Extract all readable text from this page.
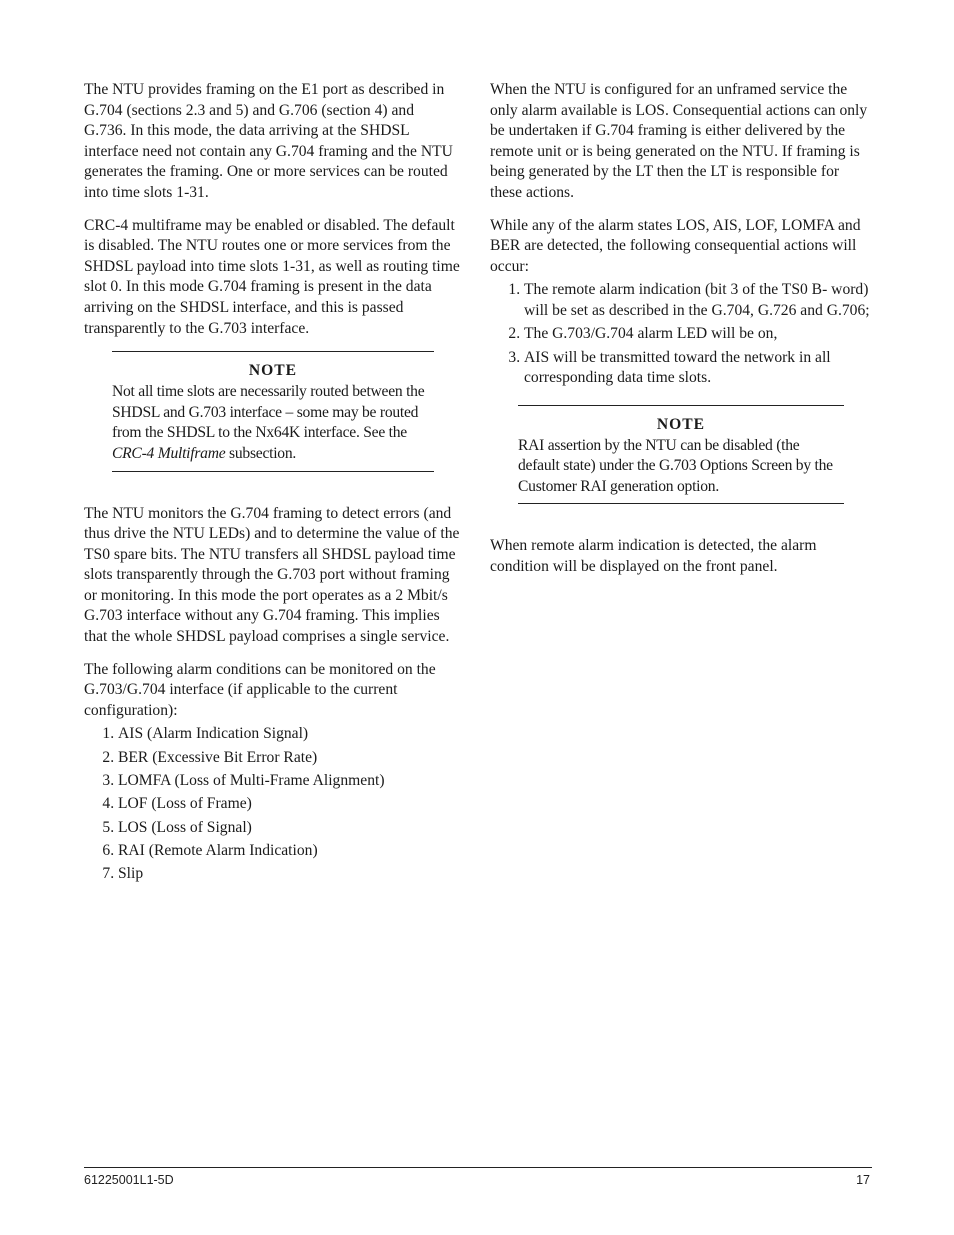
The NTU provides framing on the E1 port as described in G.704 (sections 2.3 and 5) and G.706 (section 4) and G.736. In this mode, the data arriving at the SHDSL interface need not contain any G.704 framing and the NTU generates the framing. One or more services can be routed into time slots 1-31.

CRC-4 multiframe may be enabled or disabled. The default is disabled. The NTU routes one or more services from the SHDSL payload into time slots 1-31, as well as routing time slot 0. In this mode G.704 framing is present in the data arriving on the SHDSL interface, and this is passed transparently to the G.703 interface.

NOTE
Not all time slots are necessarily routed between the SHDSL and G.703 interface – some may be routed from the SHDSL to the Nx64K interface. See the CRC-4 Multiframe subsection.

The NTU monitors the G.704 framing to detect errors (and thus drive the NTU LEDs) and to determine the value of the TS0 spare bits. The NTU transfers all SHDSL payload time slots transparently through the G.703 port without framing or monitoring. In this mode the port operates as a 2 Mbit/s G.703 interface without any G.704 framing. This implies that the whole SHDSL payload comprises a single service.

The following alarm conditions can be monitored on the G.703/G.704 interface (if applicable to the current configuration):

1. AIS (Alarm Indication Signal)
2. BER (Excessive Bit Error Rate)
3. LOMFA (Loss of Multi-Frame Alignment)
4. LOF (Loss of Frame)
5. LOS (Loss of Signal)
6. RAI (Remote Alarm Indication)
7. Slip

When the NTU is configured for an unframed service the only alarm available is LOS. Consequential actions can only be undertaken if G.704 framing is either delivered by the remote unit or is being generated on the NTU. If framing is being generated by the LT then the LT is responsible for these actions.

While any of the alarm states LOS, AIS, LOF, LOMFA and BER are detected, the following consequential actions will occur:

1. The remote alarm indication (bit 3 of the TS0 B- word) will be set as described in the G.704, G.726 and G.706;
2. The G.703/G.704 alarm LED will be on,
3. AIS will be transmitted toward the network in all corresponding data time slots.
NOTE
RAI assertion by the NTU can be disabled (the default state) under the G.703 Options Screen by the Customer RAI generation option.

When remote alarm indication is detected, the alarm condition will be displayed on the front panel.

61225001L1-5D	17
